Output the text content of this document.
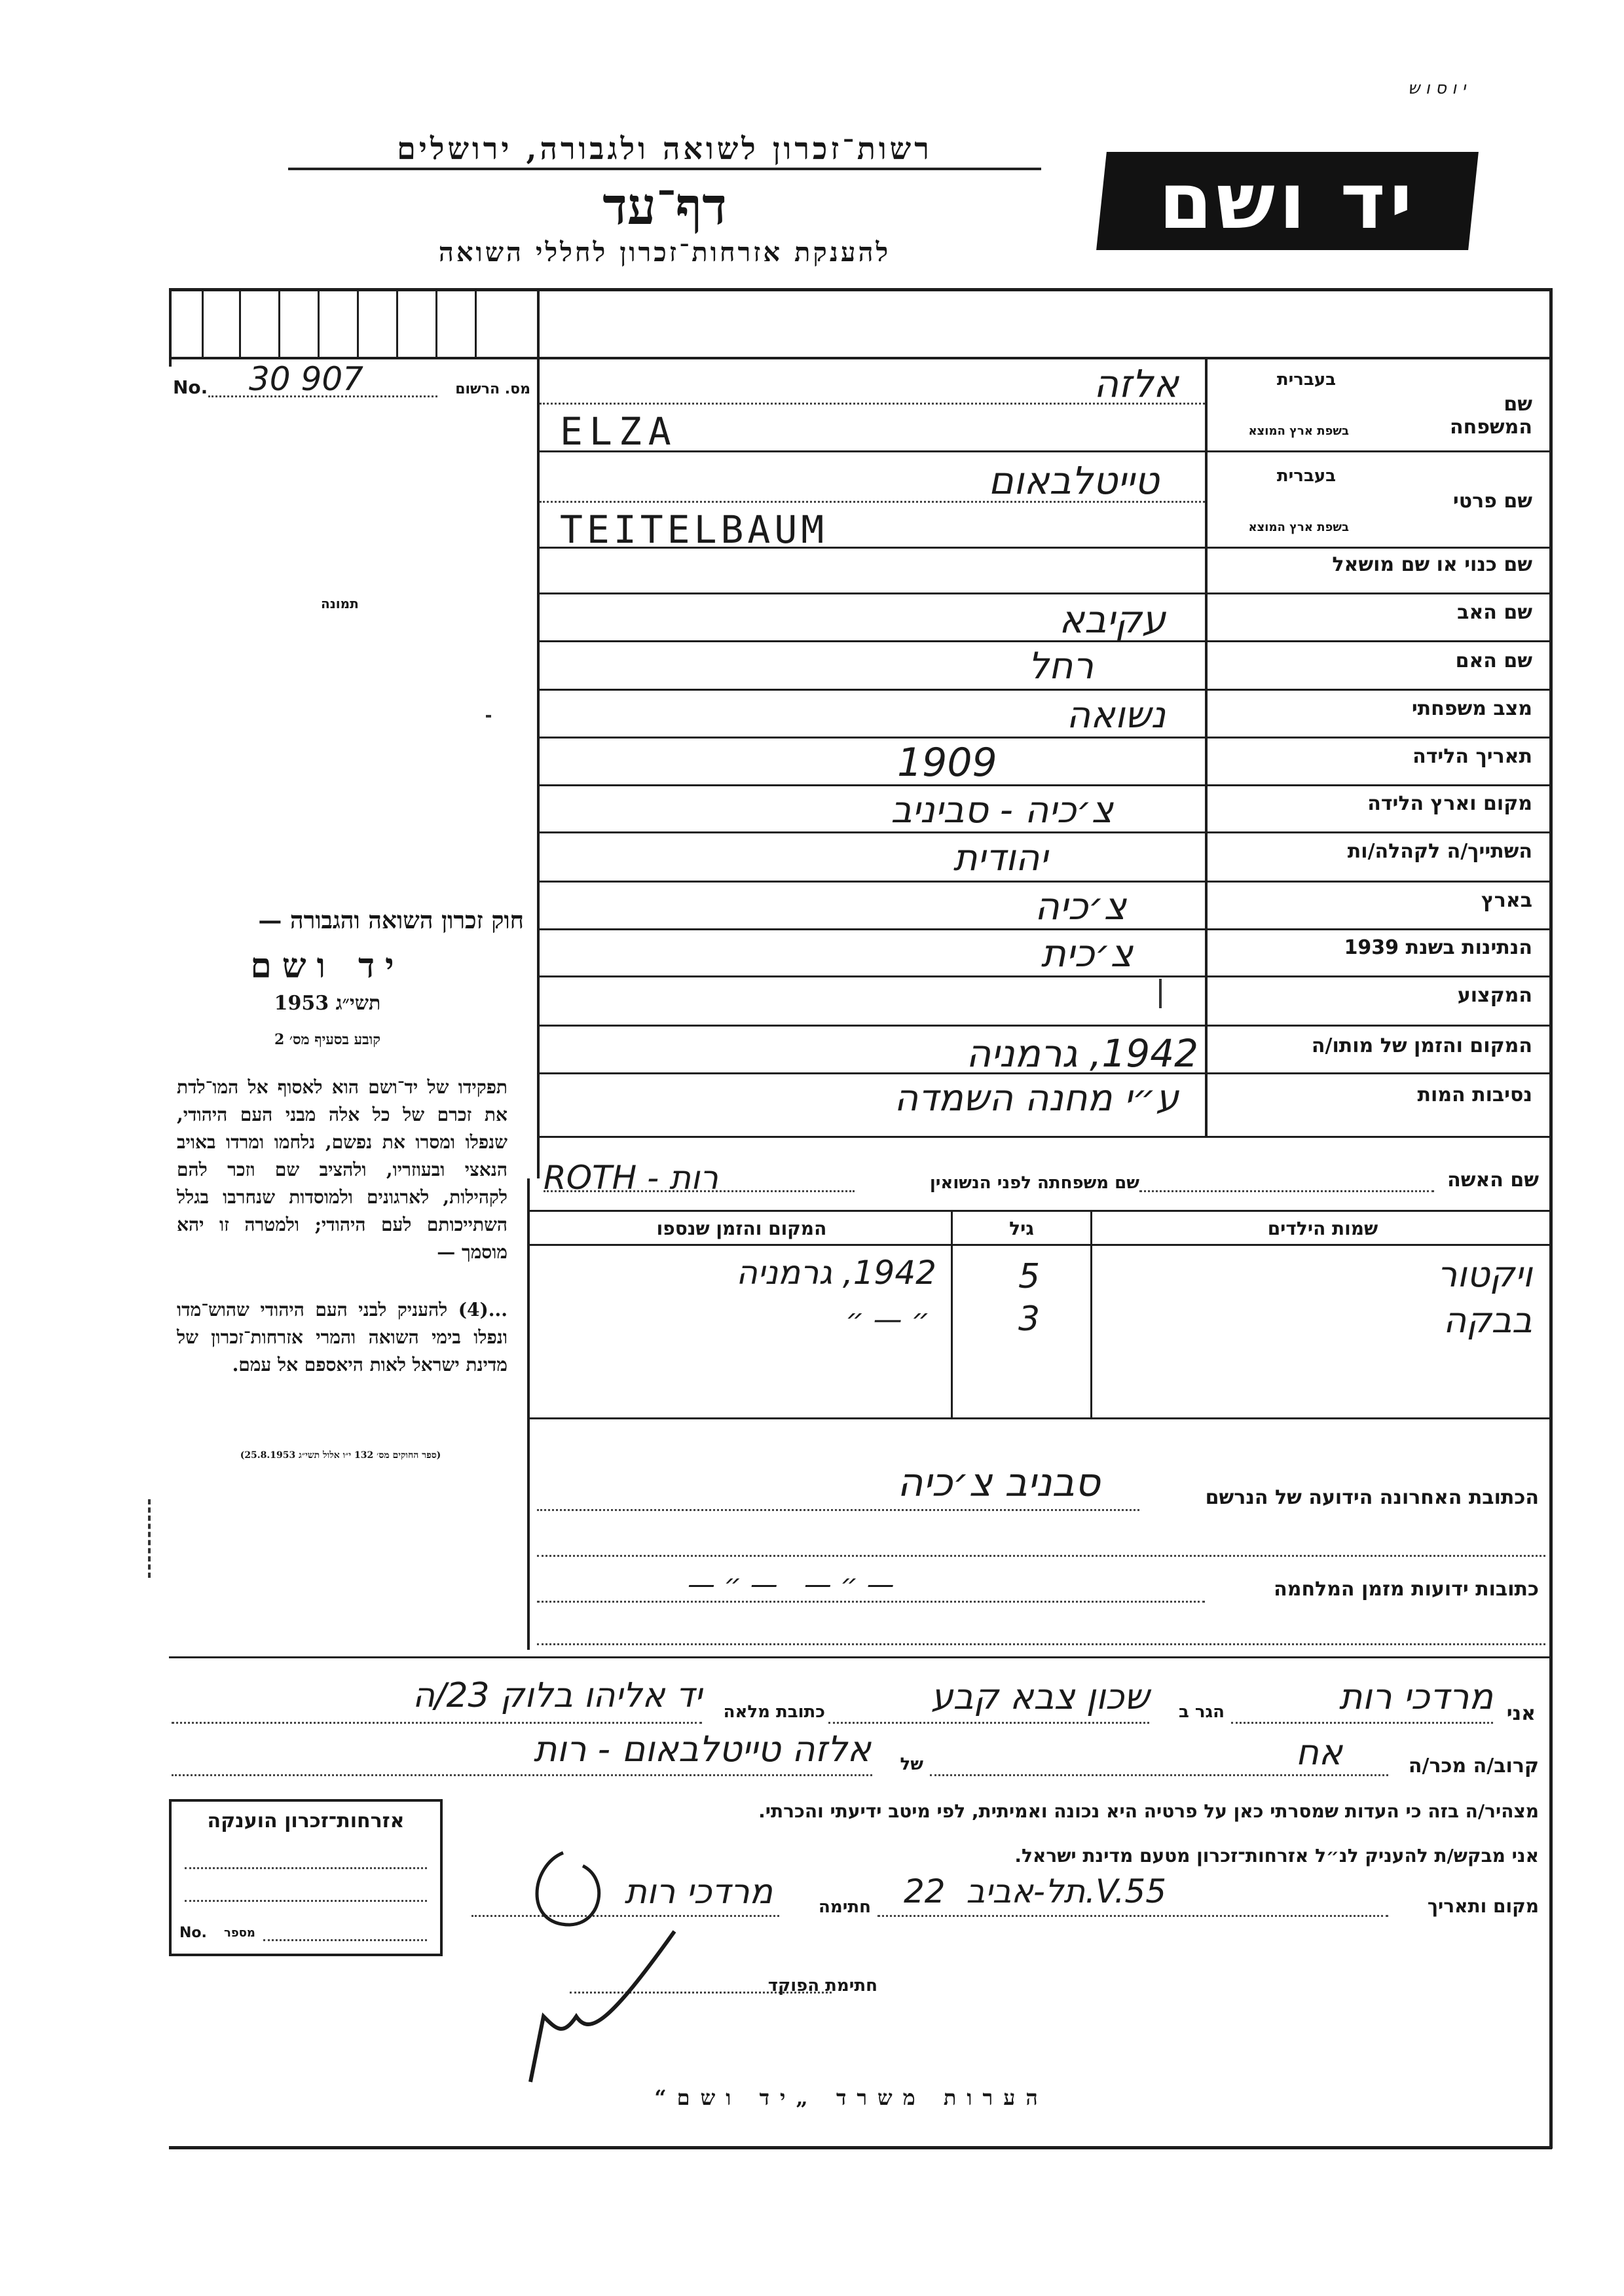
י ו ס ו ש
רשות־זכרון לשואה ולגבורה, ירושלים
דף־עד
להענקת אזרחות־זכרון לחללי השואה
יד ושם
No. 30 907	מס. הרשום
תמונה
חוק זכרון השואה והגבורה —
יד ושם
תשי״ג 1953
קובע בסעיף מס׳ 2
תפקידו של יד־ושם הוא לאסוף אל המו־לדת את זכרם של כל אלה מבני העם היהודי, שנפלו ומסרו את נפשם, נלחמו ומרדו באויב הנאצי ובעוזריו, ולהציב שם וזכר להם לקהילות, לארגונים ולמוסדות שנחרבו בגלל השתייכותם לעם היהודי; ולמטרה זו יהא מוסמך —
...(4) להעניק לבני העם היהודי שהוש־מדו ונפלו בימי השואה והמרי אזרחות־זכרון של מדינת ישראל לאות היאספם אל עמם.
(ספר החוקים מס׳ 132 י״ו אלול תשי״ג 25.8.1953)
שם המשפחה
בעברית
בשפת ארץ המוצא
אלזה
ELZA
שם פרטי
בעברית
בשפת ארץ המוצא
טייטלבאום
TEITELBAUM
שם כנוי או שם מושאל
שם האב
עקיבא
שם האם
רחל
מצב משפחתי
נשואה
תאריך הלידה
1909
מקום וארץ הלידה
צ׳כיה - סביניב
השתייך/ה לקהלה/ות
יהודית
בארץ
צ׳כיה
הנתינות בשנת 1939
צ׳כית
המקצוע
המקום והזמן של מותו/ה
1942, גרמניה
נסיבות המות
ע״י מחנה השמדה
שם האשה
שם משפחתה לפני הנשואין
ROTH - רות
שמות הילדים
גיל
המקום והזמן שנספו
ויקטור
5
1942, גרמניה
בבקה
3
״ — ״
הכתובת האחרונה הידועה של הנרשם
סבניב צ׳כיה
כתובות ידועות מזמן המלחמה
— ״ —   — ״ —
אני
מרדכי רות
הגר ב
שכון צבא קבע
כתובת מלאה
יד אליהו בלוק 23/ה
קרוב/ה מכר/ה
אח
של
אלזה טייטלבאום - רות
אזרחות־זכרון הוענקה
No. מספר
מצהיר/ה בזה כי העדות שמסרתי כאן על פרטיה היא נכונה ואמיתית, לפי מיטב ידיעתי והכרתי.
אני מבקש/ת להעניק לנ״ל אזרחות־זכרון מטעם מדינת ישראל.
מקום ותאריך
תל-אביב  22.V.55
חתימה
מרדכי רות
חתימת הפוקד
הערות משרד „יד ושם“
